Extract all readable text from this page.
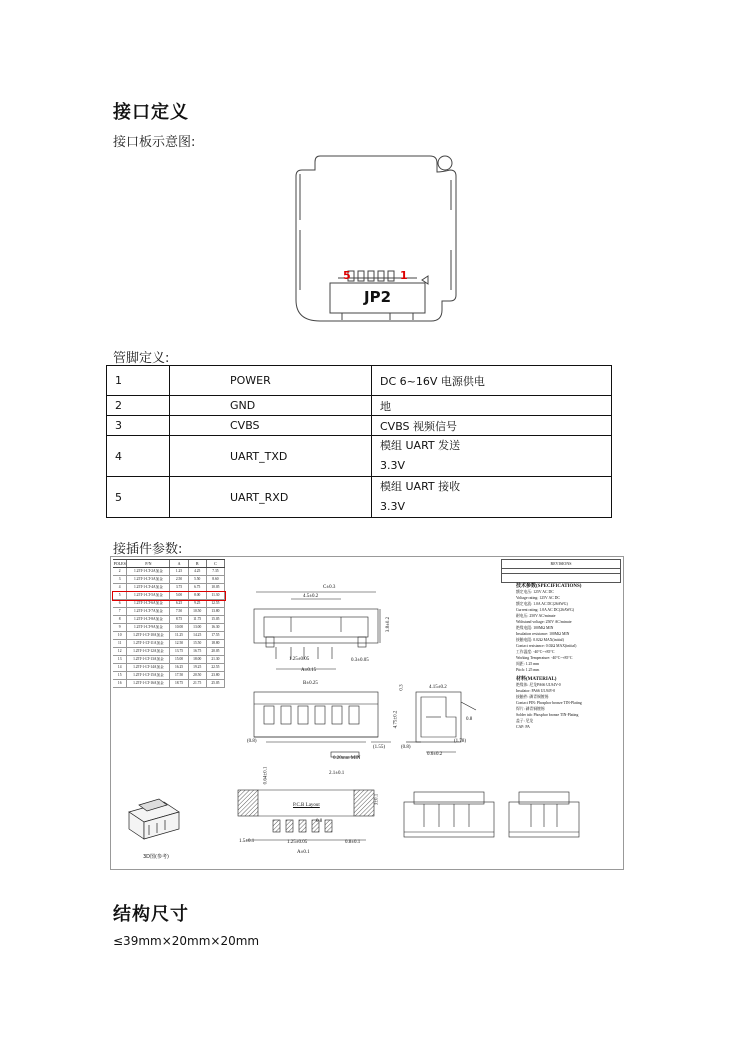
接口定义
接口板示意图:
5	1
JP2
管脚定义:
1	POWER	DC 6~16V 电源供电
2	GND	地
3	CVBS	CVBS 视频信号
4	UART_TXD	模组 UART 发送
3.3V

5	UART_RXD	模组 UART 接收
3.3V
接插件参数:
POLES	P/N	A	B	C
2	1.25T-1-LT-2A加金	1.25	4.25	7.35
3	1.25T-1-LT-3A加金	2.50	5.50	8.60
4	1.25T-1-LT-4A加金	3.75	6.75	10.05
5	1.25T-1-LT-5A加金	5.00	8.00	11.30
6	1.25T-1-LT-6A加金	6.25	9.25	12.55
7	1.25T-1-LT-7A加金	7.50	10.50	13.80
8	1.25T-1-LT-8A加金	8.75	11.75	15.05
9	1.25T-1-LT-9A加金	10.00	13.00	16.30
10	1.25T-1-LT-10A加金	11.25	14.25	17.55
11	1.25T-1-LT-11A加金	12.50	15.50	18.80
12	1.25T-1-LT-12A加金	13.75	16.75	20.05
13	1.25T-1-LT-13A加金	15.00	18.00	21.30
14	1.25T-1-LT-14A加金	16.25	19.25	22.55
15	1.25T-1-LT-15A加金	17.50	20.50	23.80
16	1.25T-1-LT-16A加金	18.75	21.75	25.05
REVISIONS
技术参数(SPECIFICATIONS)
额定电压: 125V AC DC
Voltage rating: 125V AC DC
额定电流: 1.0A AC DC(26AWG)
Current rating: 1.0A AC DC(26AWG)
耐电压: 250V AC/minute
Withstand voltage: 250V AC/minute
绝缘电阻: 100MΩ MIN
Insulation resistance: 100MΩ MIN
接触电阻: 0.02Ω MAX(initial)
Contact resistance: 0.02Ω MAX(initial)
工作温度: -40°C~+85°C
Working Temperature: -40°C~+85°C
间距: 1.25 mm
Pitch: 1.25 mm
材料(MATERIAL)
绝缘体: 尼龙PA66 UL94V-0
Insulator: PA66 UL94V-0
接触件: 磷青铜镀锡
Contact PIN: Phosphor bronze TIN-Plating
焊片: 磷青铜镀锡
Solder tab: Phosphor bronze TIN-Plating
盖子: 尼龙
CAP: PA
C±0.3
4.5±0.2
3.8±0.2
1.25±0.05
A±0.15
0.3±0.05
B±0.25
(1.55)
(0.8)
0.20mm MIN
4.15±0.2
4.75±0.2
(1.78)
(0.8)
0.6±0.2
0.3
0.8
2.1±0.1
0.64±0.1
3±0.1
P.C.B Layout
1.5±0.1	1.25±0.05	0.8±0.1
A±0.1
0.8
3D图(参考)
结构尺寸
≤39mm×20mm×20mm
